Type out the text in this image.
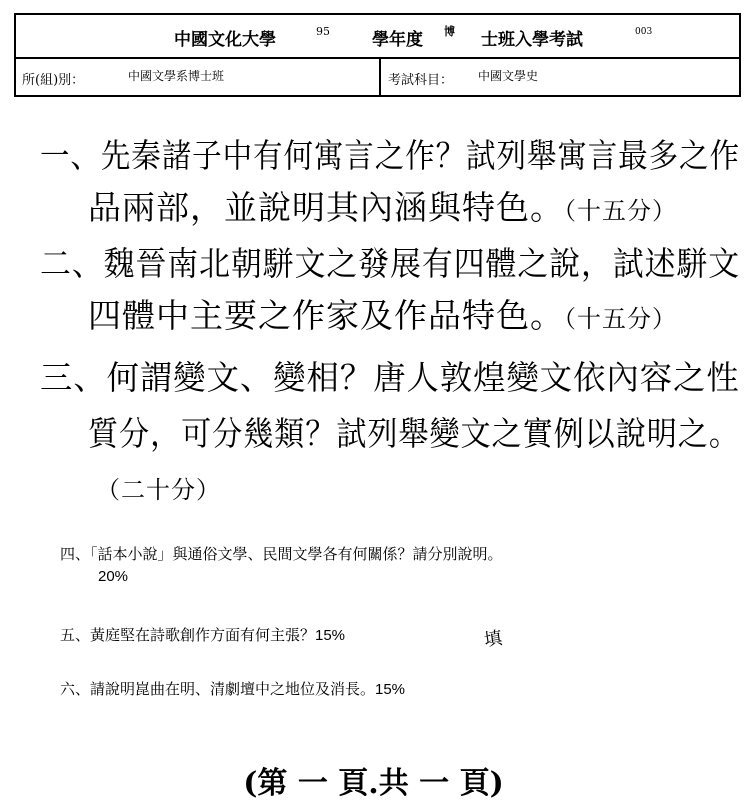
中國文化大學	95 學年度 博 士班入學考試	003
所(組)別：	中國文學系博士班	考試科目： 中國文學史
一、先秦諸子中有何寓言之作？試列舉寓言最多之作
品兩部，並說明其內涵與特色。（十五分）
二、魏晉南北朝駢文之發展有四體之說，試述駢文
四體中主要之作家及作品特色。（十五分）
三、何謂變文、變相？唐人敦煌變文依內容之性
質分，可分幾類？試列舉變文之實例以說明之。
（二十分）
四、「話本小說」與通俗文學、民間文學各有何關係？請分別說明。
20%
五、黃庭堅在詩歌創作方面有何主張？15%	填
六、請說明崑曲在明、清劇壇中之地位及消長。15%
(第 一 頁.共 一 頁)
